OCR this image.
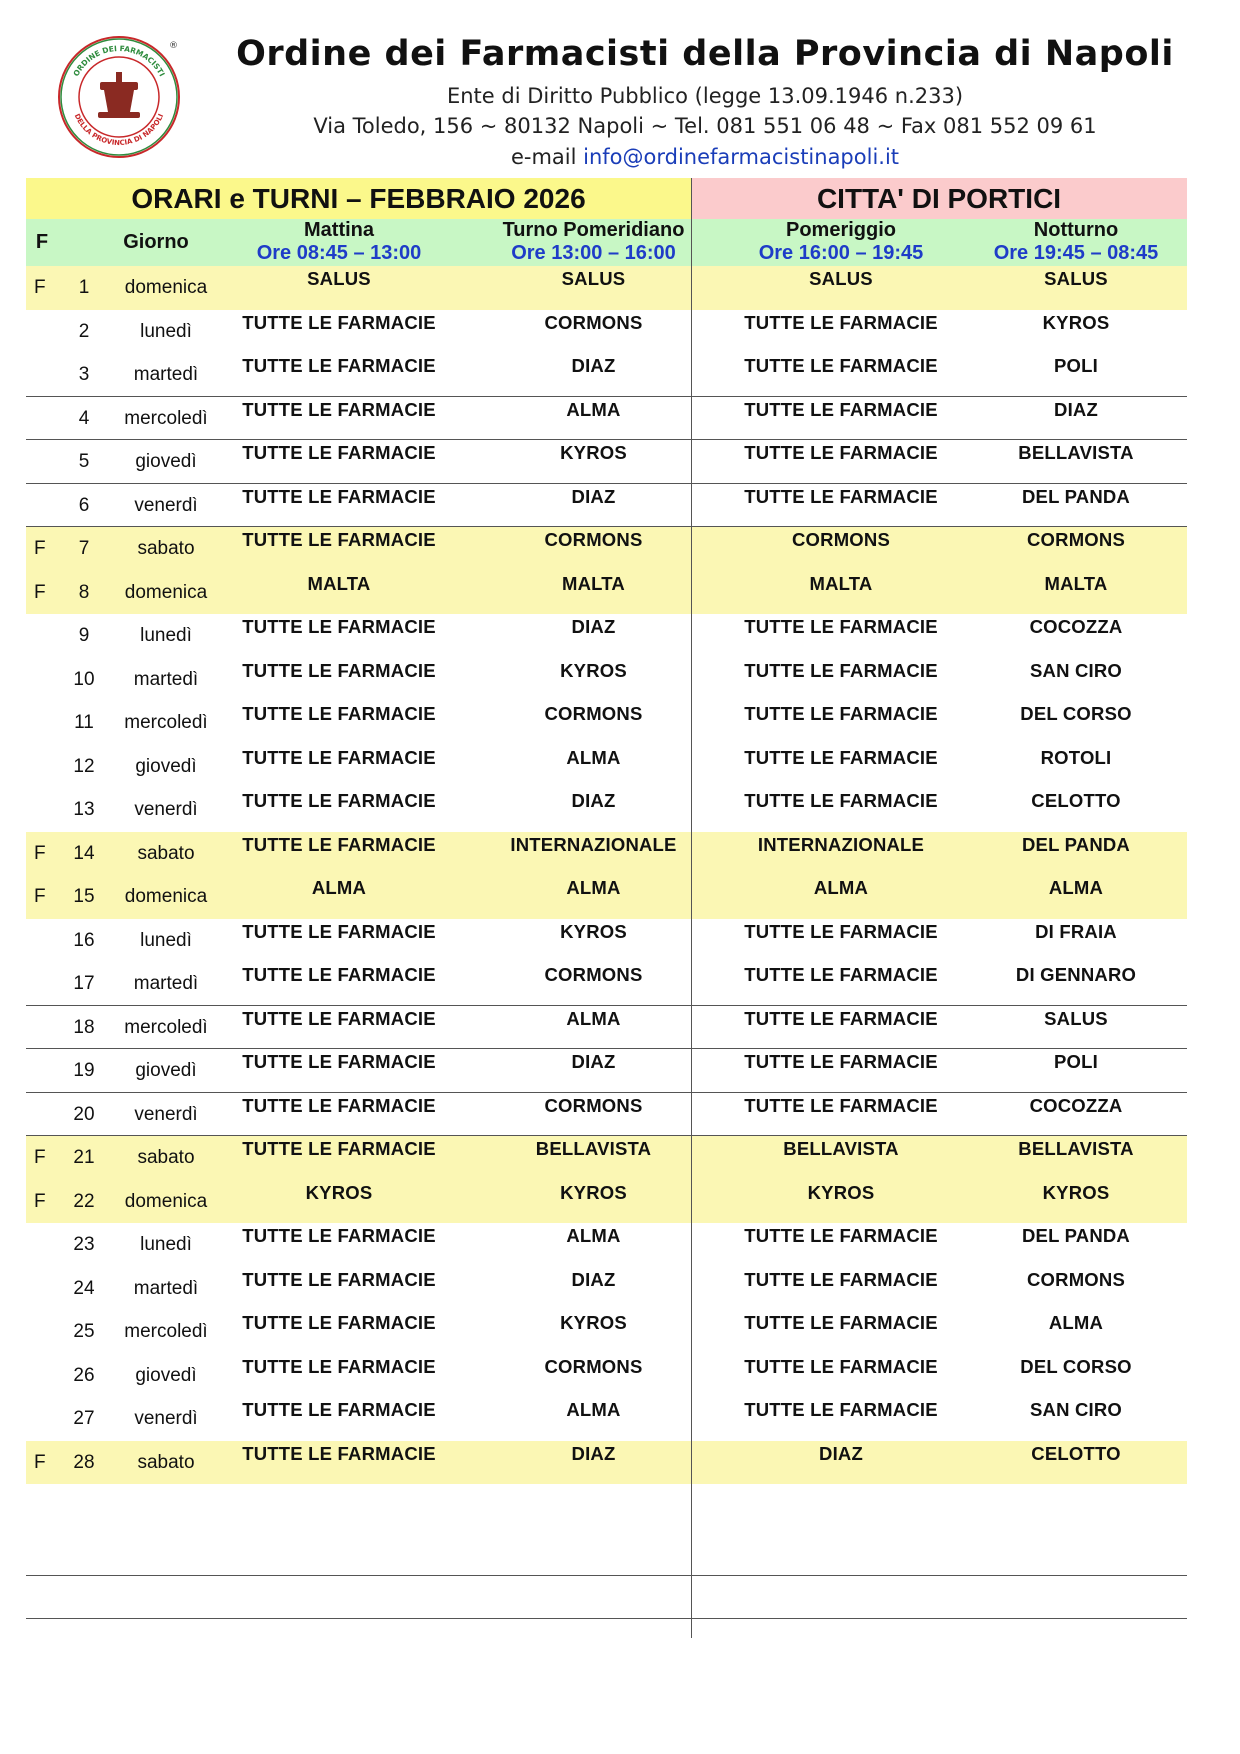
ORDINE DEI FARMACISTI
DELLA PROVINCIA DI NAPOLI
®	Ordine dei Farmacisti della Provincia di Napoli
Ente di Diritto Pubblico (legge 13.09.1946 n.233)
Via Toledo, 156 ~ 80132 Napoli ~ Tel. 081 551 06 48 ~ Fax 081 552 09 61
e-mail info@ordinefarmacistinapoli.it
ORARI e TURNI – FEBBRAIO 2026	CITTA' DI PORTICI
F	Giorno
Mattina
Ore 08:45 – 13:00
Turno Pomeridiano
Ore 13:00 – 16:00
Pomeriggio
Ore 16:00 – 19:45
Notturno
Ore 19:45 – 08:45
F	1	domenica	SALUS	SALUS	SALUS	SALUS
2	lunedì	TUTTE LE FARMACIE	CORMONS	TUTTE LE FARMACIE	KYROS
3	martedì	TUTTE LE FARMACIE	DIAZ	TUTTE LE FARMACIE	POLI
4	mercoledì	TUTTE LE FARMACIE	ALMA	TUTTE LE FARMACIE	DIAZ
5	giovedì	TUTTE LE FARMACIE	KYROS	TUTTE LE FARMACIE	BELLAVISTA
6	venerdì	TUTTE LE FARMACIE	DIAZ	TUTTE LE FARMACIE	DEL PANDA
F	7	sabato	TUTTE LE FARMACIE	CORMONS	CORMONS	CORMONS
F	8	domenica	MALTA	MALTA	MALTA	MALTA
9	lunedì	TUTTE LE FARMACIE	DIAZ	TUTTE LE FARMACIE	COCOZZA
10	martedì	TUTTE LE FARMACIE	KYROS	TUTTE LE FARMACIE	SAN CIRO
11	mercoledì	TUTTE LE FARMACIE	CORMONS	TUTTE LE FARMACIE	DEL CORSO
12	giovedì	TUTTE LE FARMACIE	ALMA	TUTTE LE FARMACIE	ROTOLI
13	venerdì	TUTTE LE FARMACIE	DIAZ	TUTTE LE FARMACIE	CELOTTO
F	14	sabato	TUTTE LE FARMACIE	INTERNAZIONALE	INTERNAZIONALE	DEL PANDA
F	15	domenica	ALMA	ALMA	ALMA	ALMA
16	lunedì	TUTTE LE FARMACIE	KYROS	TUTTE LE FARMACIE	DI FRAIA
17	martedì	TUTTE LE FARMACIE	CORMONS	TUTTE LE FARMACIE	DI GENNARO
18	mercoledì	TUTTE LE FARMACIE	ALMA	TUTTE LE FARMACIE	SALUS
19	giovedì	TUTTE LE FARMACIE	DIAZ	TUTTE LE FARMACIE	POLI
20	venerdì	TUTTE LE FARMACIE	CORMONS	TUTTE LE FARMACIE	COCOZZA
F	21	sabato	TUTTE LE FARMACIE	BELLAVISTA	BELLAVISTA	BELLAVISTA
F	22	domenica	KYROS	KYROS	KYROS	KYROS
23	lunedì	TUTTE LE FARMACIE	ALMA	TUTTE LE FARMACIE	DEL PANDA
24	martedì	TUTTE LE FARMACIE	DIAZ	TUTTE LE FARMACIE	CORMONS
25	mercoledì	TUTTE LE FARMACIE	KYROS	TUTTE LE FARMACIE	ALMA
26	giovedì	TUTTE LE FARMACIE	CORMONS	TUTTE LE FARMACIE	DEL CORSO
27	venerdì	TUTTE LE FARMACIE	ALMA	TUTTE LE FARMACIE	SAN CIRO
F	28	sabato	TUTTE LE FARMACIE	DIAZ	DIAZ	CELOTTO
